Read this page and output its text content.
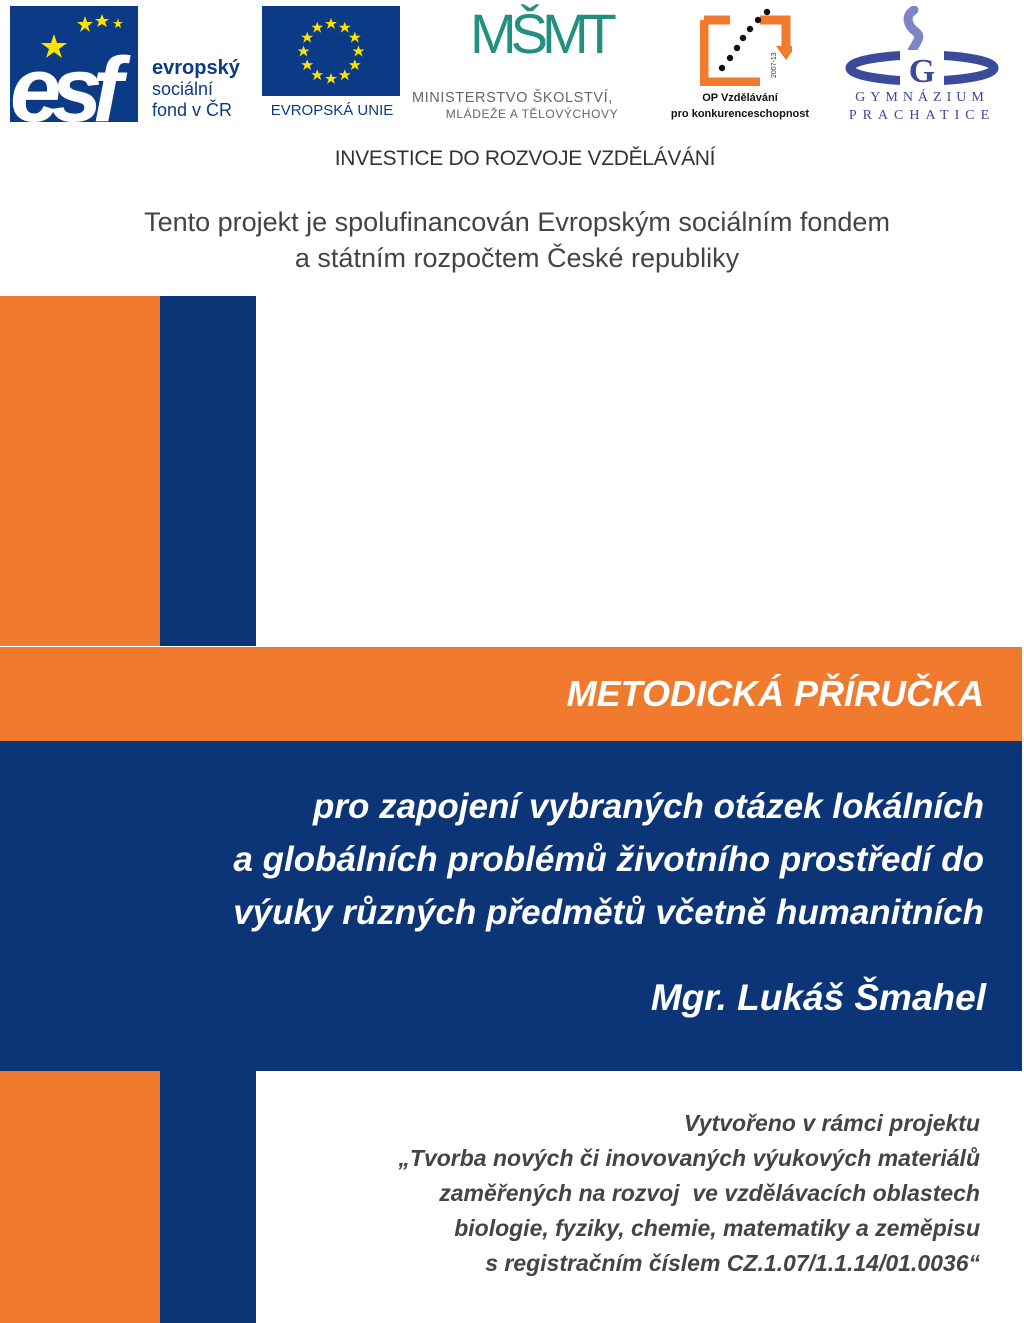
esf evropský
sociální
fond v ČR	EVROPSKÁ UNIE
MŠMT
MINISTERSTVO ŠKOLSTVÍ,
MLÁDEŽE A TĚLOVÝCHOVY
2007-13
OP Vzdělávání
pro konkurenceschopnost
G
GYMNÁZIUM
PRACHATICE
INVESTICE DO ROZVOJE VZDĚLÁVÁNÍ
Tento projekt je spolufinancován Evropským sociálním fondem
a státním rozpočtem České republiky
METODICKÁ PŘÍRUČKA
pro zapojení vybraných otázek lokálních
a globálních problémů životního prostředí do
výuky různých předmětů včetně humanitních
Mgr. Lukáš Šmahel
Vytvořeno v rámci projektu
„Tvorba nových či inovovaných výukových materiálů
zaměřených na rozvoj  ve vzdělávacích oblastech
biologie, fyziky, chemie, matematiky a zeměpisu
s registračním číslem CZ.1.07/1.1.14/01.0036“
